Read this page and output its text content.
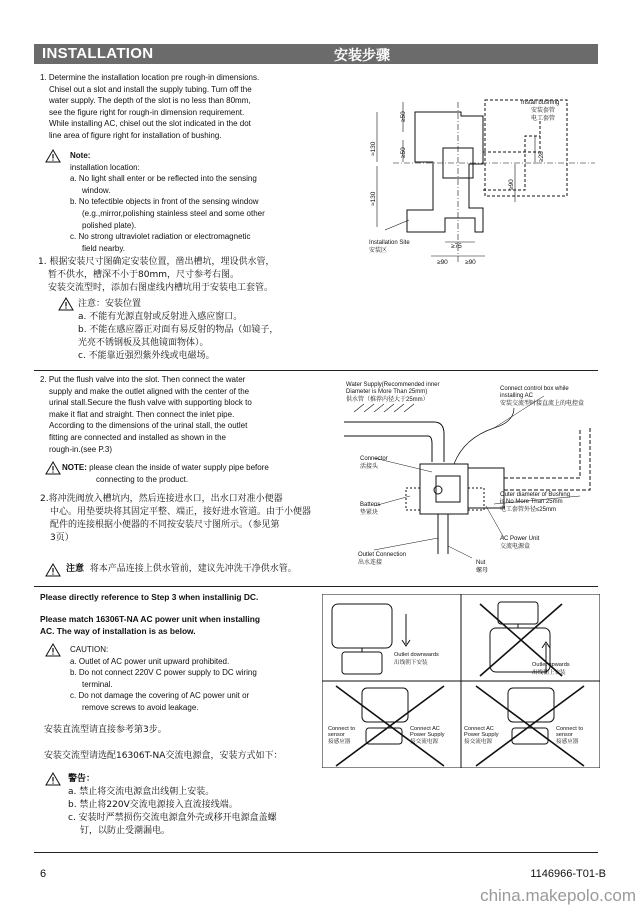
INSTALLATION	安装步骤
1. Determine the installation location pre rough-in dimensions.
Chisel out a slot and install the supply tubing. Turn off the
water supply. The depth of the slot is no less than 80mm,
see the figure right for rough-in dimension requirement.
While installing AC, chisel out the slot indicated in the dot
line area of figure right for installation of bushing.
Note:
installation location:
a. No light shall enter or be reflected into the sensing
window.
b. No tefectible objects in front of the sensing window
(e.g.,mirror,polishing stainless steel and some other
polished plate).
c. No strong ultraviolet radiation or electromagnetic
field nearby.
1. 根据安装尺寸图确定安装位置，凿出槽坑，埋设供水管，
暂不供水，槽深不小于80mm，尺寸参考右图。
安装交流型时，添加右图虚线内槽坑用于安装电工套管。
注意：安装位置
a. 不能有光源直射或反射进入感应窗口。
b. 不能在感应器正对面有易反射的物品（如镜子，
光亮不锈钢板及其他镜面物体）。
c. 不能靠近强烈紫外线或电磁场。
≥50
≥50
≈130
≈130
≥28
≥90
≥75
≥90	≥90
Install bushing
安装套管
电工套管
Installation Site
安装区
2. Put the flush valve into the slot. Then connect the water
supply and make the outlet aligned with the center of the
urinal stall.Secure the flush valve with supporting block to
make it flat and straight. Then connect the inlet pipe.
According to the dimensions of the urinal stall, the outlet
fitting are connected and installed as shown in the
rough-in.(see P.3)
NOTE: please clean the inside of water supply pipe before
connecting to the product.
2.将冲洗阀放入槽坑内，然后连接进水口，出水口对准小便器
中心。用垫要块将其固定平整、端正，接好进水管道。由于小便器
配件的连接根据小便器的不同按安装尺寸图所示。（参见第
3页）
注意 将本产品连接上供水管前，建议先冲洗干净供水管。
Water Supply(Recommended inner
Diameter is More Than 25mm)
供水管（推荐内径大于25mm）
Connect control box while
installing AC
安装交流型时接直流上的电控盒
Connector
活接头
Battens
垫紧块
Outer diameter of Bushing
is No More Than 25mm
电工套管外径≤25mm
AC Power Unit
交流电源盒
Outlet Connection
出水连接	Nut
螺母
Please directly reference to Step 3 when installinig DC.
Please match 16306T-NA AC power unit when installing
AC. The way of installation is as below.
CAUTION:
a. Outlet of AC power unit upward prohibited.
b. Do not connect 220V C power supply to DC wiring
terminal.
c. Do not damage the covering of AC power unit or
remove screws to avoid leakage.
安装直流型请直接参考第3步。
安装交流型请选配16306T-NA交流电源盒，安装方式如下：
警告：
a. 禁止将交流电源盒出线朝上安装。
b. 禁止将220V交流电源接入直流接线端。
c. 安装时严禁损伤交流电源盒外壳或移开电源盒盖螺
钉，以防止受潮漏电。
Outlet downwards
出线朝下安装	Outlet upwards
出线朝上安装
Connect to
sensor
接感应器
Connect AC
Power Supply
接交流电源
Connect AC
Power Supply
接交流电源
Connect to
sensor
接感应器
6	1146966-T01-B
china.makepolo.com
